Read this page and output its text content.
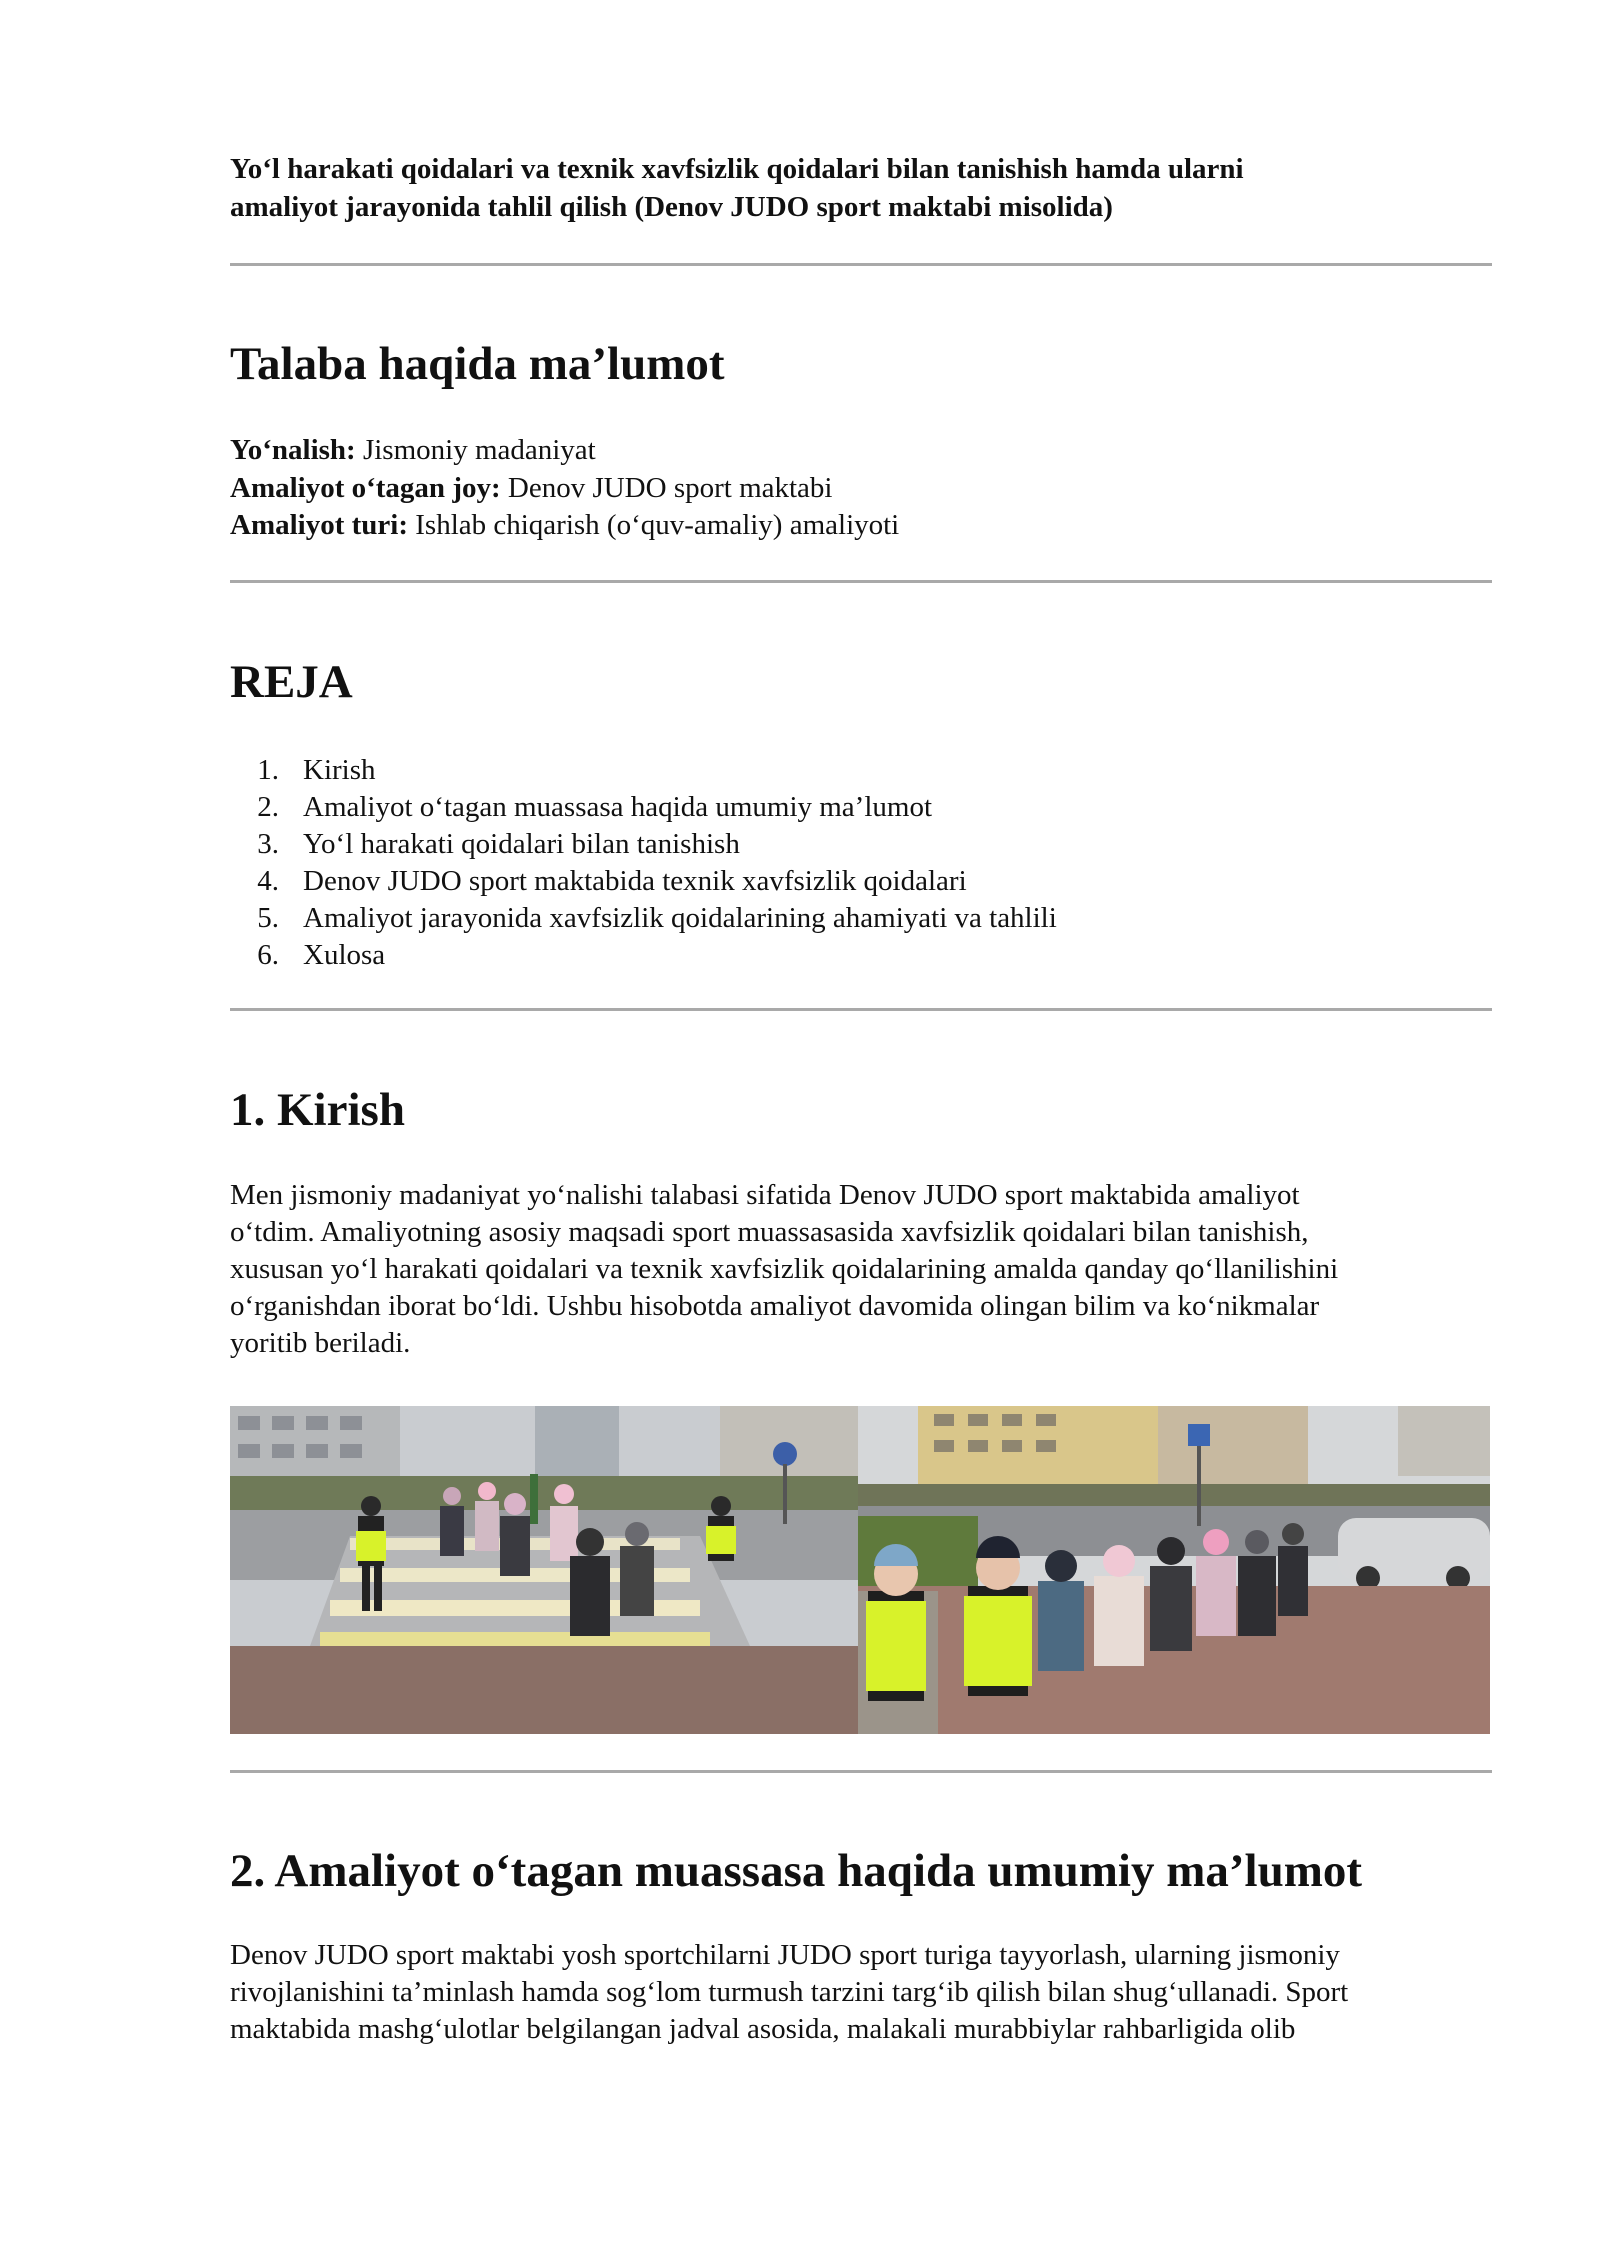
Yo‘l harakati qoidalari va texnik xavfsizlik qoidalari bilan tanishish hamda ularni
amaliyot jarayonida tahlil qilish (Denov JUDO sport maktabi misolida)
Talaba haqida ma’lumot
Yo‘nalish: Jismoniy madaniyat
Amaliyot o‘tagan joy: Denov JUDO sport maktabi
Amaliyot turi: Ishlab chiqarish (o‘quv-amaliy) amaliyoti
REJA
1. Kirish
2. Amaliyot o‘tagan muassasa haqida umumiy ma’lumot
3. Yo‘l harakati qoidalari bilan tanishish
4. Denov JUDO sport maktabida texnik xavfsizlik qoidalari
5. Amaliyot jarayonida xavfsizlik qoidalarining ahamiyati va tahlili
6. Xulosa
1. Kirish

Men jismoniy madaniyat yo‘nalishi talabasi sifatida Denov JUDO sport maktabida amaliyot
o‘tdim. Amaliyotning asosiy maqsadi sport muassasasida xavfsizlik qoidalari bilan tanishish,
xususan yo‘l harakati qoidalari va texnik xavfsizlik qoidalarining amalda qanday qo‘llanilishini
o‘rganishdan iborat bo‘ldi. Ushbu hisobotda amaliyot davomida olingan bilim va ko‘nikmalar
yoritib beriladi.

2. Amaliyot o‘tagan muassasa haqida umumiy ma’lumot

Denov JUDO sport maktabi yosh sportchilarni JUDO sport turiga tayyorlash, ularning jismoniy
rivojlanishini ta’minlash hamda sog‘lom turmush tarzini targ‘ib qilish bilan shug‘ullanadi. Sport
maktabida mashg‘ulotlar belgilangan jadval asosida, malakali murabbiylar rahbarligida olib
